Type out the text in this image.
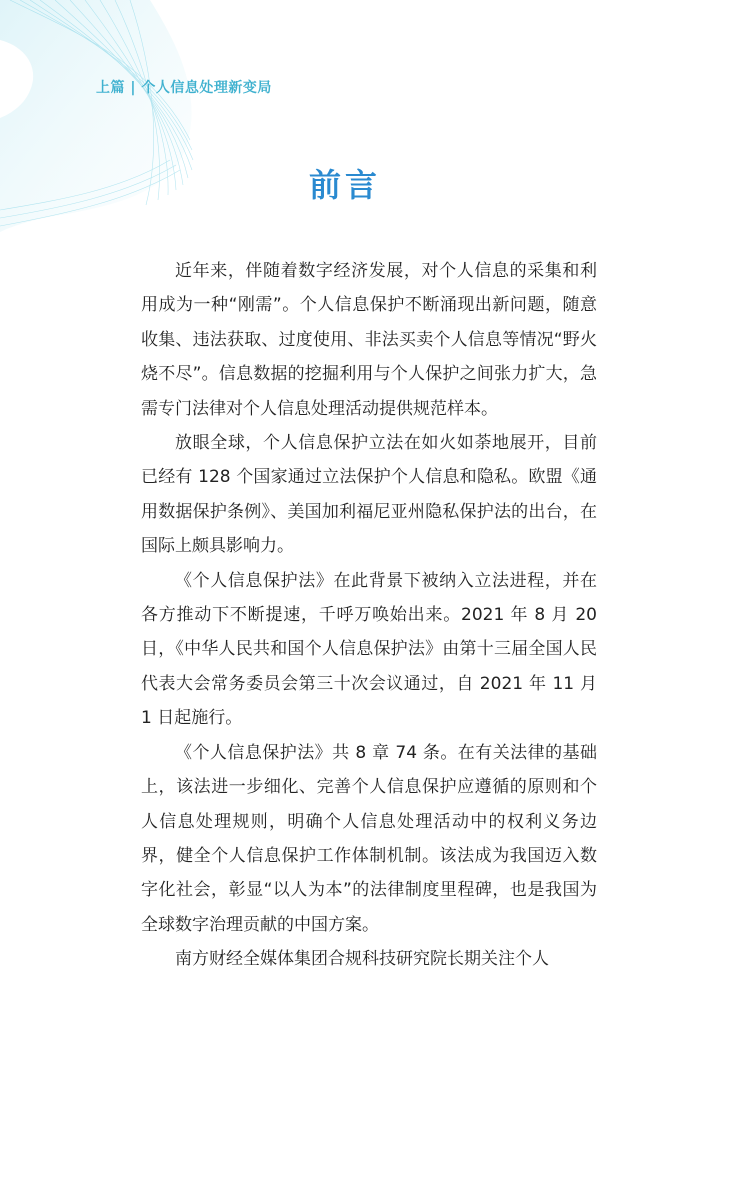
上篇 | 个人信息处理新变局
前言

近年来，伴随着数字经济发展，对个人信息的采集和利用成为一种“刚需”。个人信息保护不断涌现出新问题，随意收集、违法获取、过度使用、非法买卖个人信息等情况“野火烧不尽”。信息数据的挖掘利用与个人保护之间张力扩大，急需专门法律对个人信息处理活动提供规范样本。

放眼全球，个人信息保护立法在如火如荼地展开，目前已经有 128 个国家通过立法保护个人信息和隐私。欧盟《通用数据保护条例》、美国加利福尼亚州隐私保护法的出台，在国际上颇具影响力。

《个人信息保护法》在此背景下被纳入立法进程，并在各方推动下不断提速，千呼万唤始出来。2021 年 8 月 20 日，《中华人民共和国个人信息保护法》由第十三届全国人民代表大会常务委员会第三十次会议通过，自 2021 年 11 月 1 日起施行。

《个人信息保护法》共 8 章 74 条。在有关法律的基础上，该法进一步细化、完善个人信息保护应遵循的原则和个人信息处理规则，明确个人信息处理活动中的权利义务边界，健全个人信息保护工作体制机制。该法成为我国迈入数字化社会，彰显“以人为本”的法律制度里程碑，也是我国为全球数字治理贡献的中国方案。

南方财经全媒体集团合规科技研究院长期关注个人
